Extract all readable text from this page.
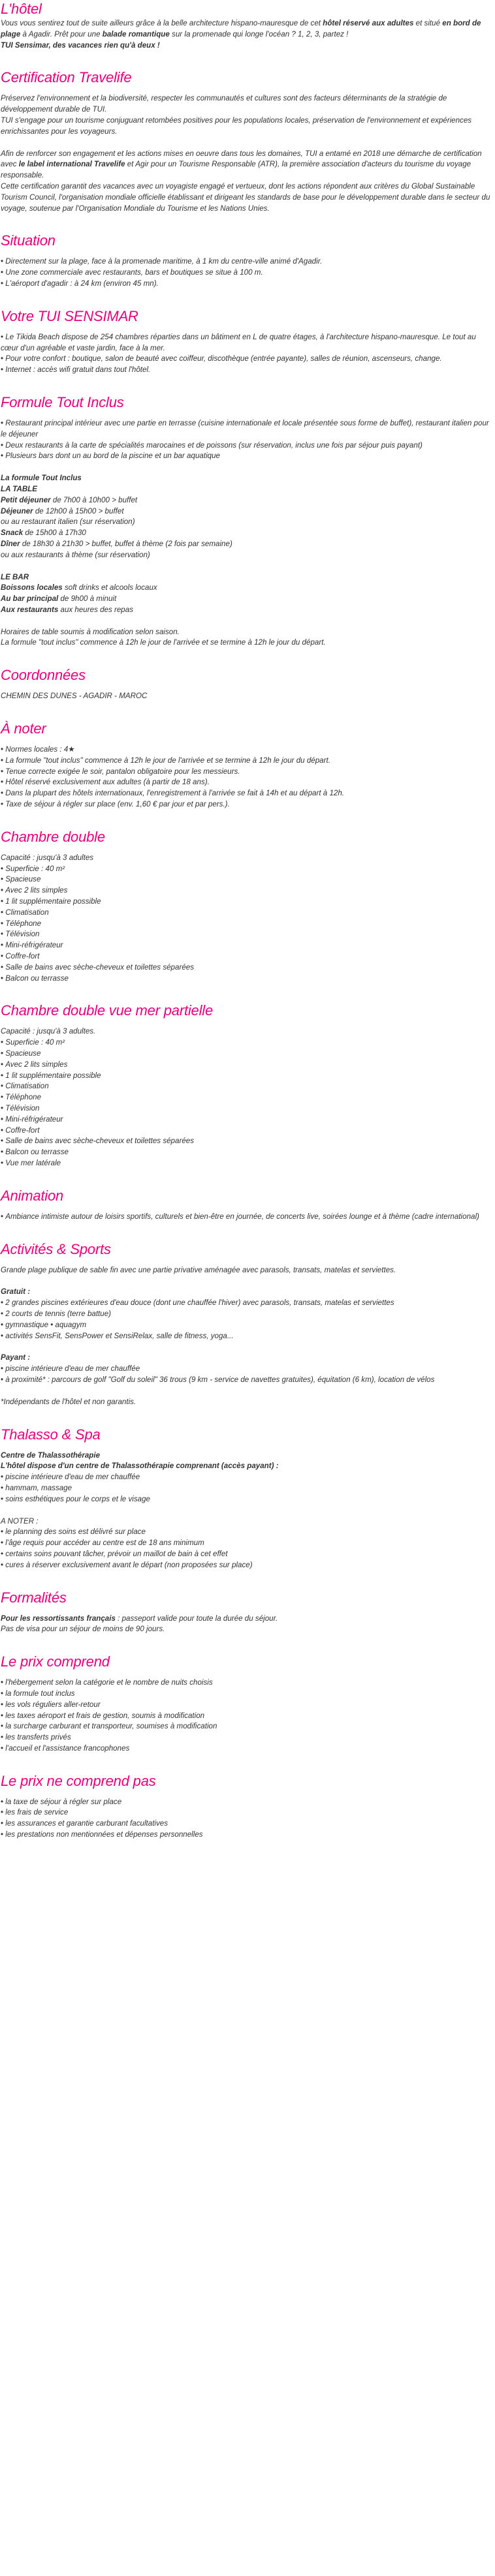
L'hôtel

Vous vous sentirez tout de suite ailleurs grâce à la belle architecture hispano-mauresque de cet hôtel réservé aux adultes et situé en bord de plage à Agadir. Prêt pour une balade romantique sur la promenade qui longe l'océan ? 1, 2, 3, partez !

TUI Sensimar, des vacances rien qu'à deux !

Certification Travelife

Préservez l'environnement et la biodiversité, respecter les communautés et cultures sont des facteurs déterminants de la stratégie de développement durable de TUI.

TUI s'engage pour un tourisme conjuguant retombées positives pour les populations locales, préservation de l'environnement et expériences enrichissantes pour les voyageurs.

Afin de renforcer son engagement et les actions mises en oeuvre dans tous les domaines, TUI a entamé en 2018 une démarche de certification avec le label international Travelife et Agir pour un Tourisme Responsable (ATR), la première association d'acteurs du tourisme du voyage responsable.

Cette certification garantit des vacances avec un voyagiste engagé et vertueux, dont les actions répondent aux critères du Global Sustainable Tourism Council, l'organisation mondiale officielle établissant et dirigeant les standards de base pour le développement durable dans le secteur du voyage, soutenue par l'Organisation Mondiale du Tourisme et les Nations Unies.

Situation
• Directement sur la plage, face à la promenade maritime, à 1 km du centre-ville animé d'Agadir.
• Une zone commerciale avec restaurants, bars et boutiques se situe à 100 m.
• L'aéroport d'agadir : à 24 km (environ 45 mn).
Votre TUI SENSIMAR
• Le Tikida Beach dispose de 254 chambres réparties dans un bâtiment en L de quatre étages, à l'architecture hispano-mauresque. Le tout au cœur d'un agréable et vaste jardin, face à la mer.
• Pour votre confort : boutique, salon de beauté avec coiffeur, discothèque (entrée payante), salles de réunion, ascenseurs, change.
• Internet : accès wifi gratuit dans tout l'hôtel.
Formule Tout Inclus
• Restaurant principal intérieur avec une partie en terrasse (cuisine internationale et locale présentée sous forme de buffet), restaurant italien pour le déjeuner
• Deux restaurants à la carte de spécialités marocaines et de poissons (sur réservation, inclus une fois par séjour puis payant)
• Plusieurs bars dont un au bord de la piscine et un bar aquatique

La formule Tout Inclus

LA TABLE

Petit déjeuner de 7h00 à 10h00 > buffet

Déjeuner de 12h00 à 15h00 > buffet

ou au restaurant italien (sur réservation)

Snack de 15h00 à 17h30

Dîner de 18h30 à 21h30 > buffet, buffet à thème (2 fois par semaine)

ou aux restaurants à thème (sur réservation)

LE BAR

Boissons locales soft drinks et alcools locaux

Au bar principal de 9h00 à minuit

Aux restaurants aux heures des repas

Horaires de table soumis à modification selon saison.

La formule "tout inclus" commence à 12h le jour de l'arrivée et se termine à 12h le jour du départ.

Coordonnées

CHEMIN DES DUNES - AGADIR - MAROC

À noter
• Normes locales : 4★
• La formule "tout inclus" commence à 12h le jour de l'arrivée et se termine à 12h le jour du départ.
• Tenue correcte exigée le soir, pantalon obligatoire pour les messieurs.
• Hôtel réservé exclusivement aux adultes (à partir de 18 ans).
• Dans la plupart des hôtels internationaux, l'enregistrement à l'arrivée se fait à 14h et au départ à 12h.
• Taxe de séjour à régler sur place (env. 1,60 € par jour et par pers.).
Chambre double

Capacité : jusqu'à 3 adultes

• Superficie : 40 m²
• Spacieuse
• Avec 2 lits simples
• 1 lit supplémentaire possible
• Climatisation
• Téléphone
• Télévision
• Mini-réfrigérateur
• Coffre-fort
• Salle de bains avec sèche-cheveux et toilettes séparées
• Balcon ou terrasse
Chambre double vue mer partielle

Capacité : jusqu'à 3 adultes.

• Superficie : 40 m²
• Spacieuse
• Avec 2 lits simples
• 1 lit supplémentaire possible
• Climatisation
• Téléphone
• Télévision
• Mini-réfrigérateur
• Coffre-fort
• Salle de bains avec sèche-cheveux et toilettes séparées
• Balcon ou terrasse
• Vue mer latérale
Animation
• Ambiance intimiste autour de loisirs sportifs, culturels et bien-être en journée, de concerts live, soirées lounge et à thème (cadre international)
Activités & Sports

Grande plage publique de sable fin avec une partie privative aménagée avec parasols, transats, matelas et serviettes.

Gratuit :

• 2 grandes piscines extérieures d'eau douce (dont une chauffée l'hiver) avec parasols, transats, matelas et serviettes
• 2 courts de tennis (terre battue)
• gymnastique • aquagym
• activités SensFit, SensPower et SensiRelax, salle de fitness, yoga...

Payant :

• piscine intérieure d'eau de mer chauffée
• à proximité* : parcours de golf "Golf du soleil" 36 trous (9 km - service de navettes gratuites), équitation (6 km), location de vélos

*Indépendants de l'hôtel et non garantis.

Thalasso & Spa

Centre de Thalassothérapie

L'hôtel dispose d'un centre de Thalassothérapie comprenant (accès payant) :

• piscine intérieure d'eau de mer chauffée
• hammam, massage
• soins esthétiques pour le corps et le visage

A NOTER :

• le planning des soins est délivré sur place
• l'âge requis pour accéder au centre est de 18 ans minimum
• certains soins pouvant tâcher, prévoir un maillot de bain à cet effet
• cures à réserver exclusivement avant le départ (non proposées sur place)
Formalités

Pour les ressortissants français : passeport valide pour toute la durée du séjour.

Pas de visa pour un séjour de moins de 90 jours.

Le prix comprend
• l'hébergement selon la catégorie et le nombre de nuits choisis
• la formule tout inclus
• les vols réguliers aller-retour
• les taxes aéroport et frais de gestion, soumis à modification
• la surcharge carburant et transporteur, soumises à modification
• les transferts privés
• l'accueil et l'assistance francophones
Le prix ne comprend pas
• la taxe de séjour à régler sur place
• les frais de service
• les assurances et garantie carburant facultatives
• les prestations non mentionnées et dépenses personnelles
